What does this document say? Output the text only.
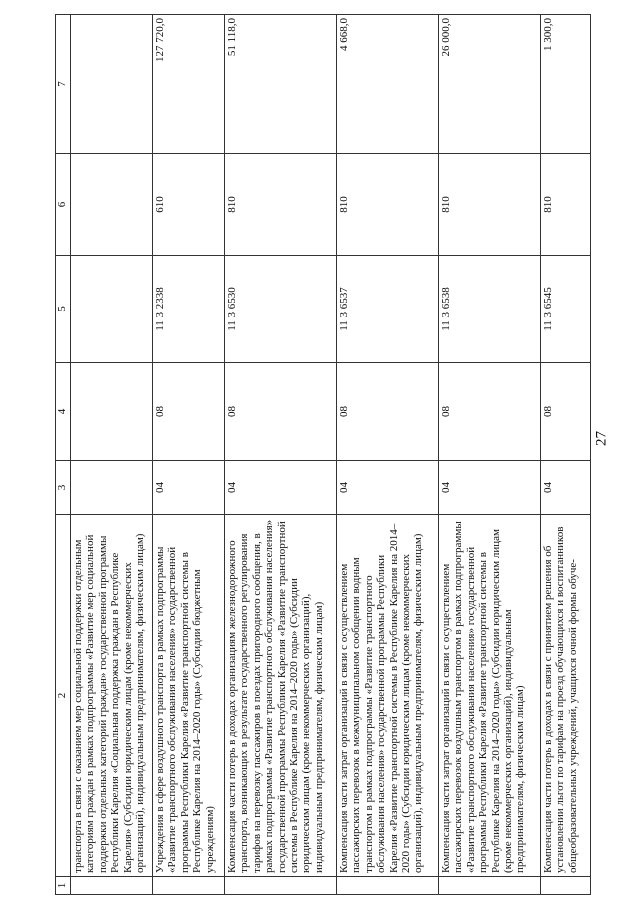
27
1	2	3	4	5	6	7
	транспорта в связи с оказанием мер социальной поддержки отдельным категориям граждан в рамках подпрограммы «Развитие мер социальной поддержки отдельных категорий граждан» государственной программы Республики Карелия «Социальная поддержка граждан в Республике Карелия» (Субсидии юридическим лицам (кроме некоммерческих организаций), индивидуальным предпринимателям, физическим лицам)					
	Учреждения в сфере воздушного транспорта в рамках подпрограммы «Развитие транспортного обслуживания населения» государственной программы Республики Карелия «Развитие транспортной системы в Республике Карелия на 2014–2020 годы» (Субсидии бюджетным учреждениям)	04	08	11 3 2338	610	127 720,0
	Компенсация части потерь в доходах организациям железнодорожного транспорта, возникающих в результате государственного регулирования тарифов на перевозку пассажиров в поездах пригородного сообщения, в рамках подпрограммы «Развитие транспортного обслуживания населения» государственной программы Республики Карелия «Развитие транспортной системы в Республике Карелия на 2014–2020 годы» (Субсидии юридическим лицам (кроме некоммерческих организаций), индивидуальным предпринимателям, физическим лицам)	04	08	11 3 6530	810	51 118,0
	Компенсация части затрат организаций в связи с осуществлением пассажирских перевозок в межмуниципальном сообщении водным транспортом в рамках подпрограммы «Развитие транспортного обслуживания населения» государственной программы Республики Карелия «Развитие транспортной системы в Республике Карелия на 2014–2020 годы» (Субсидии юридическим лицам (кроме некоммерческих организаций), индивидуальным предпринимателям, физическим лицам)	04	08	11 3 6537	810	4 668,0
	Компенсация части затрат организаций в связи с осуществлением пассажирских перевозок воздушным транспортом в рамках подпрограммы «Развитие транспортного обслуживания населения» государственной программы Республики Карелия «Развитие транспортной системы в Республике Карелия на 2014–2020 годы» (Субсидии юридическим лицам (кроме некоммерческих организаций), индивидуальным предпринимателям, физическим лицам)	04	08	11 3 6538	810	26 000,0
	Компенсация части потерь в доходах в связи с принятием решения об установлении льгот по тарифам на проезд обучающихся и воспитанников общеобразовательных учреждений, учащихся очной формы обуче-	04	08	11 3 6545	810	1 300,0
